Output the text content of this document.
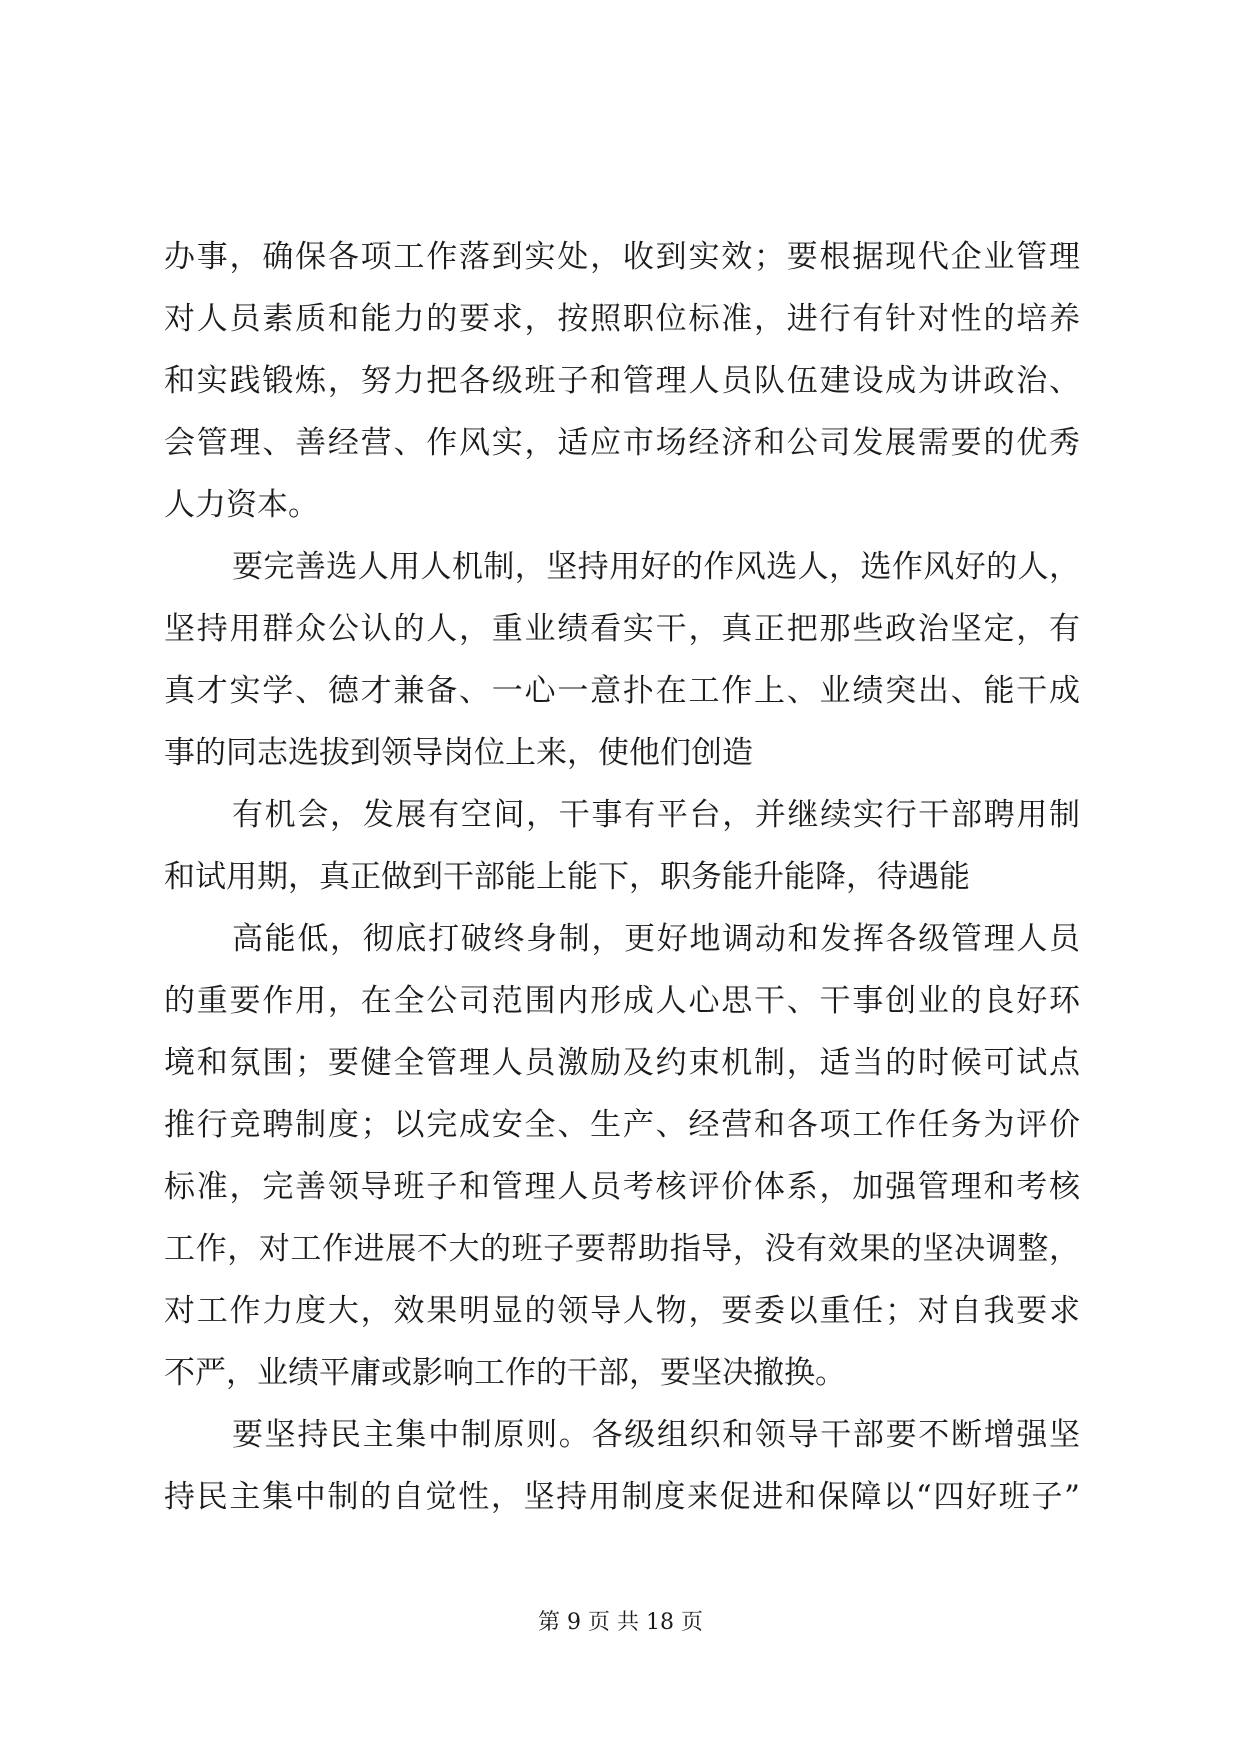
办事，确保各项工作落到实处，收到实效；要根据现代企业管理
对人员素质和能力的要求，按照职位标准，进行有针对性的培养
和实践锻炼，努力把各级班子和管理人员队伍建设成为讲政治、
会管理、善经营、作风实，适应市场经济和公司发展需要的优秀
人力资本。
要完善选人用人机制，坚持用好的作风选人，选作风好的人，
坚持用群众公认的人，重业绩看实干，真正把那些政治坚定，有
真才实学、德才兼备、一心一意扑在工作上、业绩突出、能干成
事的同志选拔到领导岗位上来，使他们创造
有机会，发展有空间，干事有平台，并继续实行干部聘用制
和试用期，真正做到干部能上能下，职务能升能降，待遇能
高能低，彻底打破终身制，更好地调动和发挥各级管理人员
的重要作用，在全公司范围内形成人心思干、干事创业的良好环
境和氛围；要健全管理人员激励及约束机制，适当的时候可试点
推行竞聘制度；以完成安全、生产、经营和各项工作任务为评价
标准，完善领导班子和管理人员考核评价体系，加强管理和考核
工作，对工作进展不大的班子要帮助指导，没有效果的坚决调整，
对工作力度大，效果明显的领导人物，要委以重任；对自我要求
不严，业绩平庸或影响工作的干部，要坚决撤换。
要坚持民主集中制原则。各级组织和领导干部要不断增强坚
持民主集中制的自觉性，坚持用制度来促进和保障以“四好班子”
第 9 页 共 18 页
